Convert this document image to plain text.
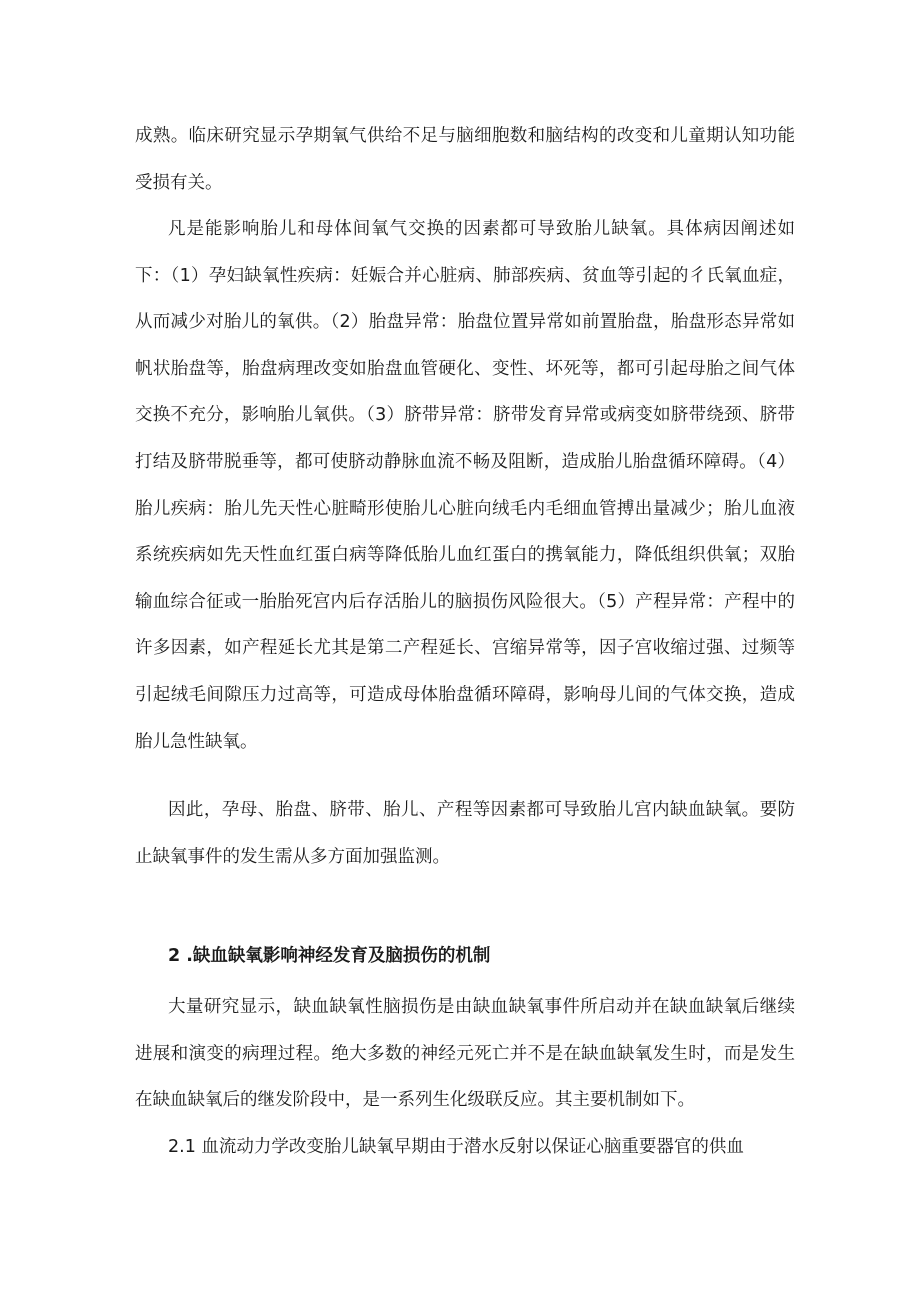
成熟。临床研究显示孕期氧气供给不足与脑细胞数和脑结构的改变和儿童期认知功能受损有关。

凡是能影响胎儿和母体间氧气交换的因素都可导致胎儿缺氧。具体病因阐述如下：（1）孕妇缺氧性疾病：妊娠合并心脏病、肺部疾病、贫血等引起的彳氏氧血症，从而减少对胎儿的氧供。（2）胎盘异常：胎盘位置异常如前置胎盘，胎盘形态异常如帆状胎盘等，胎盘病理改变如胎盘血管硬化、变性、坏死等，都可引起母胎之间气体交换不充分，影响胎儿氧供。（3）脐带异常：脐带发育异常或病变如脐带绕颈、脐带打结及脐带脱垂等，都可使脐动静脉血流不畅及阻断，造成胎儿胎盘循环障碍。（4）胎儿疾病：胎儿先天性心脏畸形使胎儿心脏向绒毛内毛细血管搏出量减少；胎儿血液系统疾病如先天性血红蛋白病等降低胎儿血红蛋白的携氧能力，降低组织供氧；双胎输血综合征或一胎胎死宫内后存活胎儿的脑损伤风险很大。（5）产程异常：产程中的许多因素，如产程延长尤其是第二产程延长、宫缩异常等，因子宫收缩过强、过频等引起绒毛间隙压力过高等，可造成母体胎盘循环障碍，影响母儿间的气体交换，造成胎儿急性缺氧。

因此，孕母、胎盘、脐带、胎儿、产程等因素都可导致胎儿宫内缺血缺氧。要防止缺氧事件的发生需从多方面加强监测。

2 .缺血缺氧影响神经发育及脑损伤的机制

大量研究显示，缺血缺氧性脑损伤是由缺血缺氧事件所启动并在缺血缺氧后继续进展和演变的病理过程。绝大多数的神经元死亡并不是在缺血缺氧发生时，而是发生在缺血缺氧后的继发阶段中，是一系列生化级联反应。其主要机制如下。

2.1 血流动力学改变胎儿缺氧早期由于潜水反射以保证心脑重要器官的供血
